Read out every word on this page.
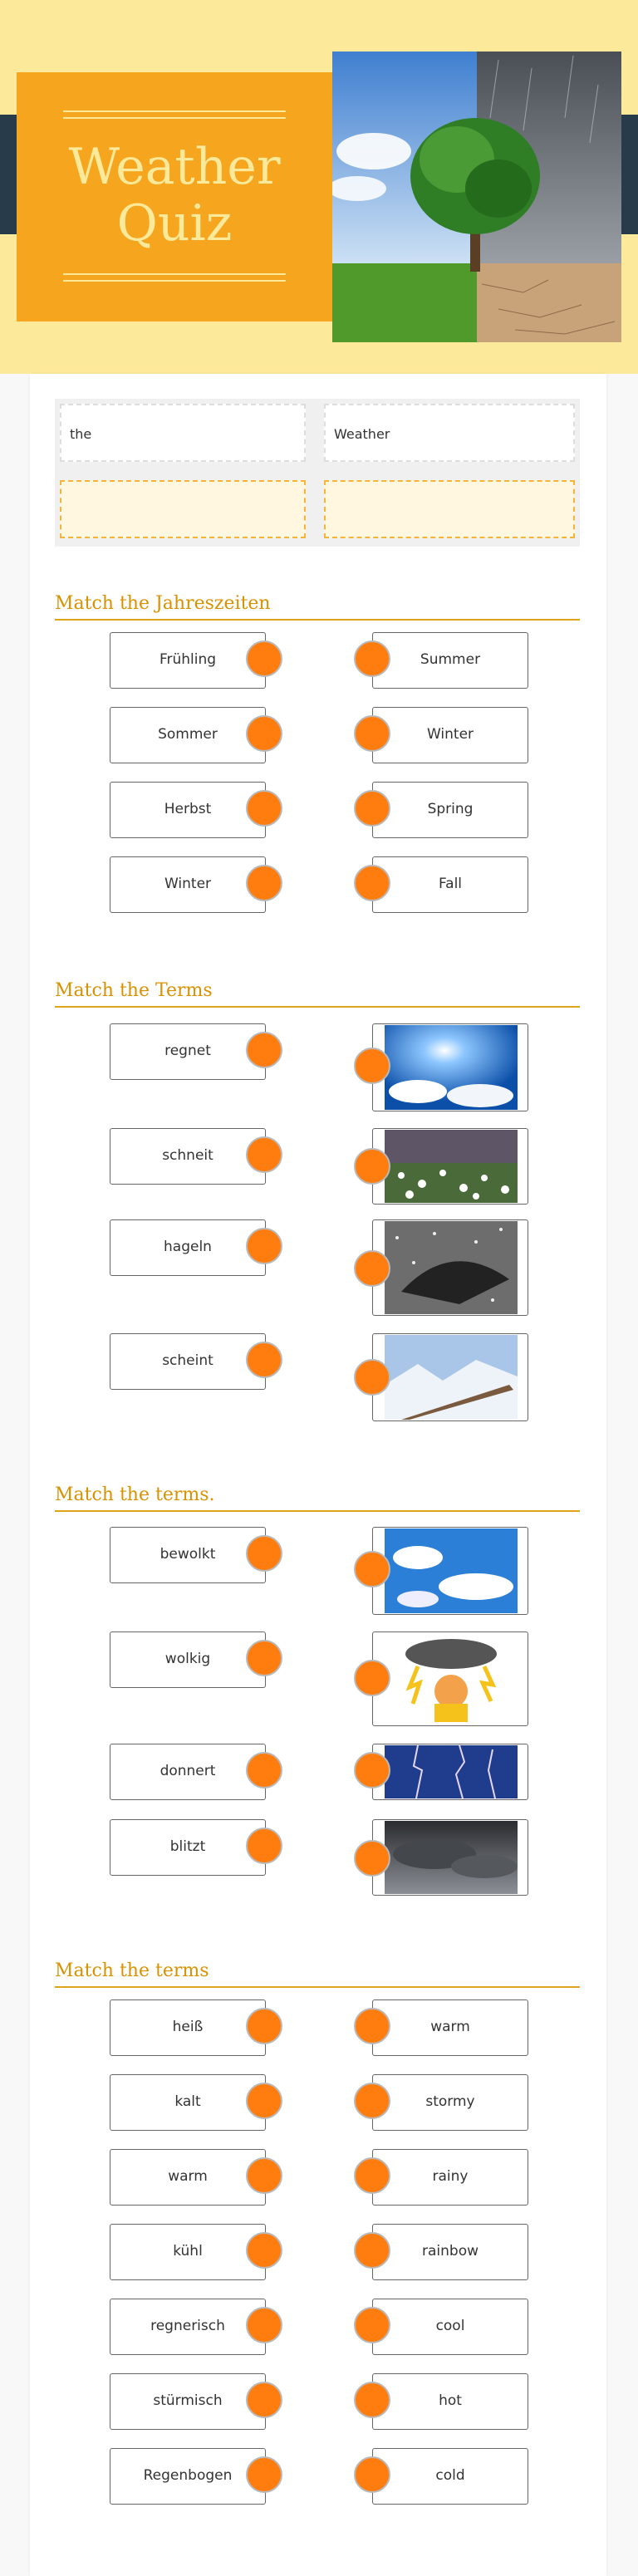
Weather
Quiz
the	Weather
Match the Jahreszeiten
Frühling	Summer
Sommer	Winter
Herbst	Spring
Winter	Fall
Match the Terms
regnet
schneit
hageln
scheint
Match the terms.
bewolkt
wolkig
donnert
blitzt
Match the terms
heiß	warm
kalt	stormy
warm	rainy
kühl	rainbow
regnerisch	cool
stürmisch	hot
Regenbogen	cold
